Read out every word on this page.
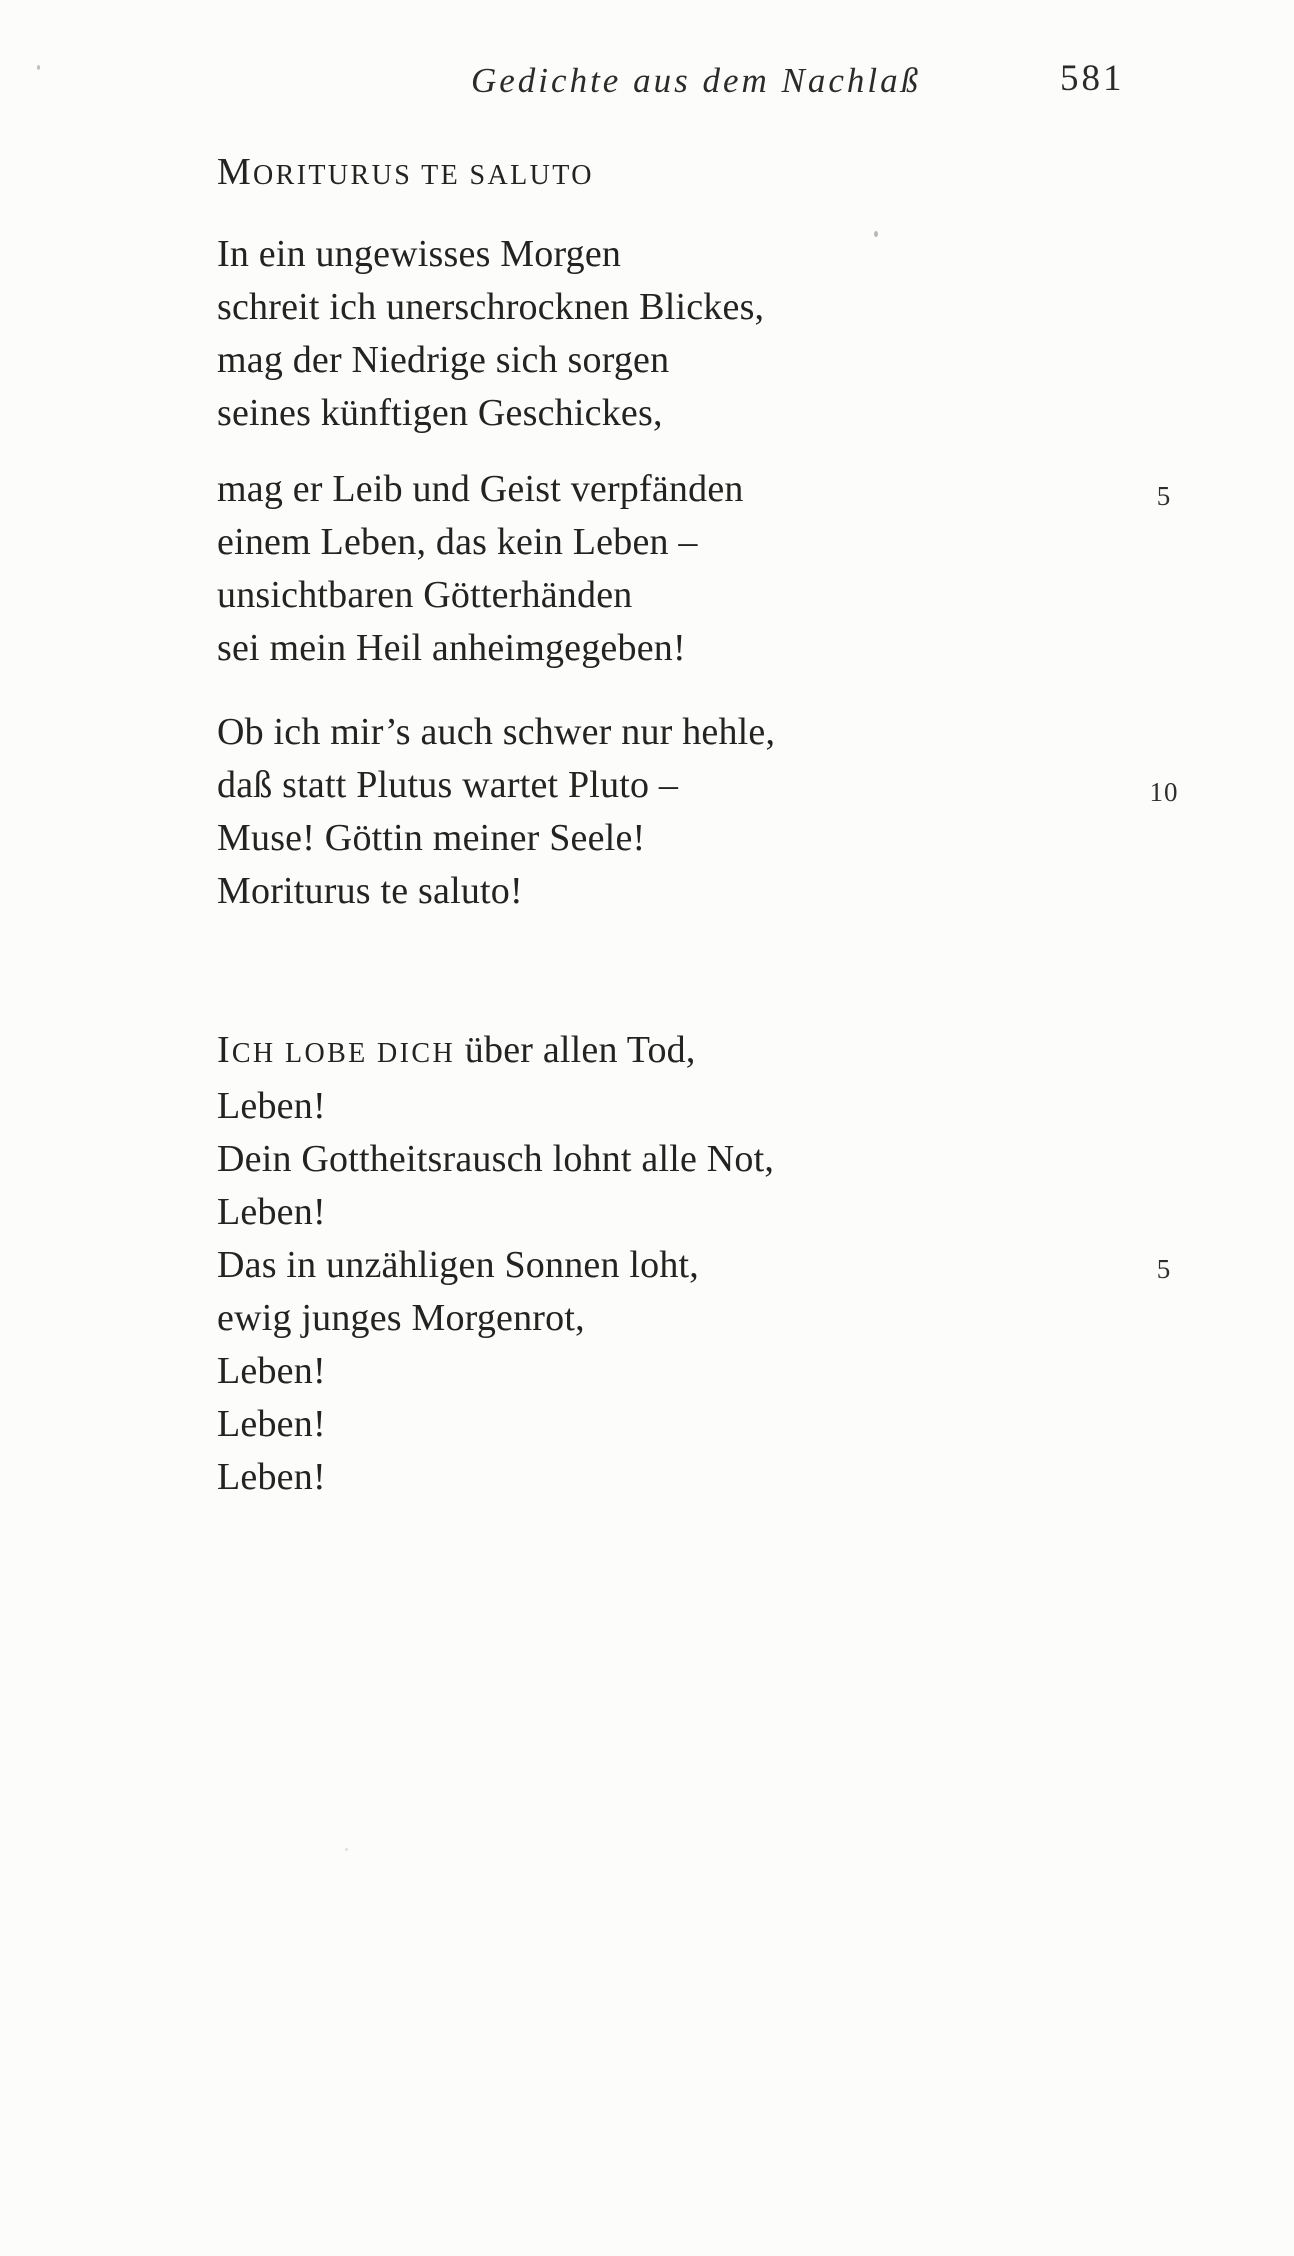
Gedichte aus dem Nachlaß	581
MORITURUS TE SALUTO
In ein ungewisses Morgen
schreit ich unerschrocknen Blickes,
mag der Niedrige sich sorgen
seines künftigen Geschickes,
mag er Leib und Geist verpfänden
einem Leben, das kein Leben –
unsichtbaren Götterhänden
sei mein Heil anheimgegeben!
Ob ich mir’s auch schwer nur hehle,
daß statt Plutus wartet Pluto –
Muse! Göttin meiner Seele!
Moriturus te saluto!
5
10
ICH LOBE DICH über allen Tod,
Leben!
Dein Gottheitsrausch lohnt alle Not,
Leben!
Das in unzähligen Sonnen loht,
ewig junges Morgenrot,
Leben!
Leben!
Leben!
5
